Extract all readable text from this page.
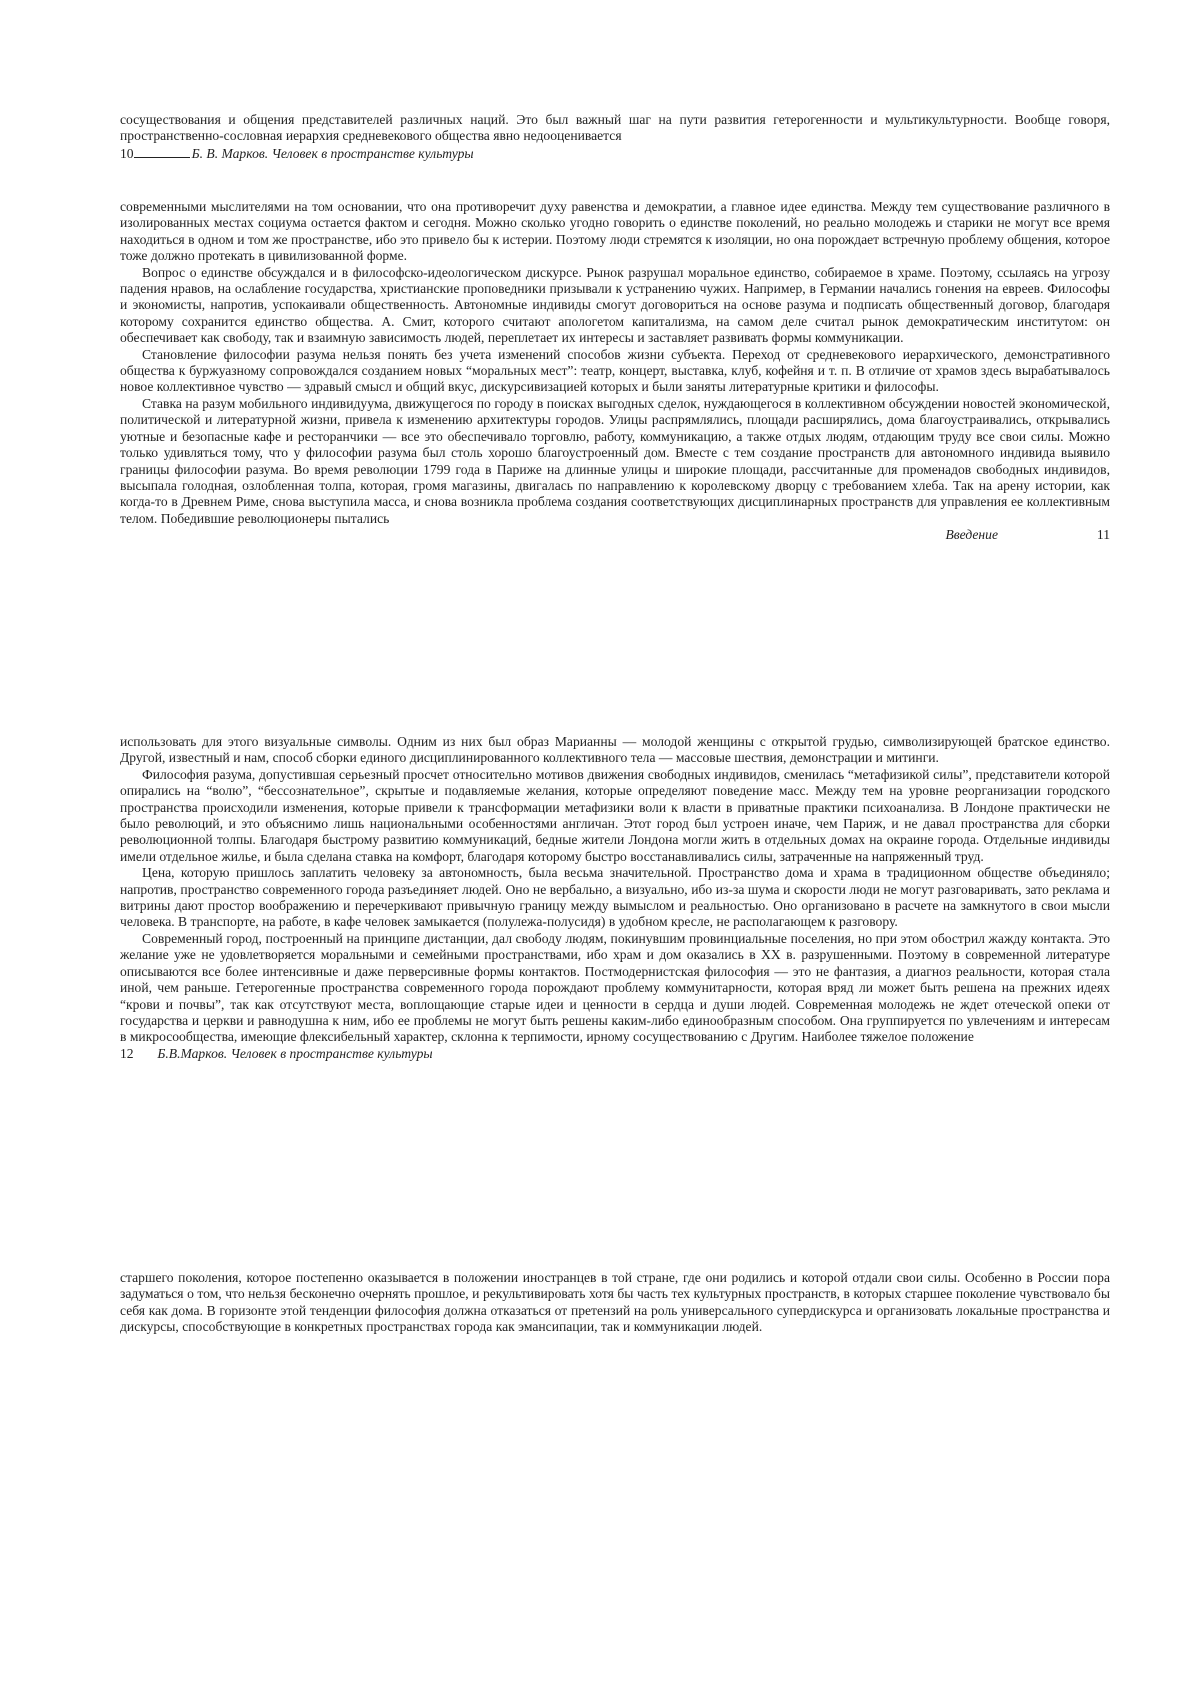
сосуществования и общения представителей различных наций. Это был важный шаг на пути развития гетерогенности и мультикультурности. Вообще говоря, пространственно-сословная иерархия средневекового общества явно недооценивается

10	Б. В. Марков. Человек в пространстве культуры

современными мыслителями на том основании, что она противоречит духу равенства и демократии, а главное идее единства. Между тем существование различного в изолированных местах социума остается фактом и сегодня. Можно сколько угодно говорить о единстве поколений, но реально молодежь и старики не могут все время находиться в одном и том же пространстве, ибо это привело бы к истерии. Поэтому люди стремятся к изоляции, но она порождает встречную проблему общения, которое тоже должно протекать в цивилизованной форме.

Вопрос о единстве обсуждался и в философско-идеологическом дискурсе. Рынок разрушал моральное единство, собираемое в храме. Поэтому, ссылаясь на угрозу падения нравов, на ослабление государства, христианские проповедники призывали к устранению чужих. Например, в Германии начались гонения на евреев. Философы и экономисты, напротив, успокаивали общественность. Автономные индивиды смогут договориться на основе разума и подписать общественный договор, благодаря которому сохранится единство общества. А. Смит, которого считают апологетом капитализма, на самом деле считал рынок демократическим институтом: он обеспечивает как свободу, так и взаимную зависимость людей, переплетает их интересы и заставляет развивать формы коммуникации.

Становление философии разума нельзя понять без учета изменений способов жизни субъекта. Переход от средневекового иерархического, демонстративного общества к буржуазному сопровождался созданием новых “моральных мест”: театр, концерт, выставка, клуб, кофейня и т. п. В отличие от храмов здесь вырабатывалось новое коллективное чувство — здравый смысл и общий вкус, дискурсивизацией которых и были заняты литературные критики и философы.

Ставка на разум мобильного индивидуума, движущегося по городу в поисках выгодных сделок, нуждающегося в коллективном обсуждении новостей экономической, политической и литературной жизни, привела к изменению архитектуры городов. Улицы распрямлялись, площади расширялись, дома благоустраивались, открывались уютные и безопасные кафе и ресторанчики — все это обеспечивало торговлю, работу, коммуникацию, а также отдых людям, отдающим труду все свои силы. Можно только удивляться тому, что у философии разума был столь хорошо благоустроенный дом. Вместе с тем создание пространств для автономного индивида выявило границы философии разума. Во время революции 1799 года в Париже на длинные улицы и широкие площади, рассчитанные для променадов свободных индивидов, высыпала голодная, озлобленная толпа, которая, громя магазины, двигалась по направлению к королевскому дворцу с требованием хлеба. Так на арену истории, как когда-то в Древнем Риме, снова выступила масса, и снова возникла проблема создания соответствующих дисциплинарных пространств для управления ее коллективным телом. Победившие революционеры пытались

Введение	11

использовать для этого визуальные символы. Одним из них был образ Марианны — молодой женщины с открытой грудью, символизирующей братское единство. Другой, известный и нам, способ сборки единого дисциплинированного коллективного тела — массовые шествия, демонстрации и митинги.

Философия разума, допустившая серьезный просчет относительно мотивов движения свободных индивидов, сменилась “метафизикой силы”, представители которой опирались на “волю”, “бессознательное”, скрытые и подавляемые желания, которые определяют поведение масс. Между тем на уровне реорганизации городского пространства происходили изменения, которые привели к трансформации метафизики воли к власти в приватные практики психоанализа. В Лондоне практически не было революций, и это объяснимо лишь национальными особенностями англичан. Этот город был устроен иначе, чем Париж, и не давал пространства для сборки революционной толпы. Благодаря быстрому развитию коммуникаций, бедные жители Лондона могли жить в отдельных домах на окраине города. Отдельные индивиды имели отдельное жилье, и была сделана ставка на комфорт, благодаря которому быстро восстанавливались силы, затраченные на напряженный труд.

Цена, которую пришлось заплатить человеку за автономность, была весьма значительной. Пространство дома и храма в традиционном обществе объединяло; напротив, пространство современного города разъединяет людей. Оно не вербально, а визуально, ибо из-за шума и скорости люди не могут разговаривать, зато реклама и витрины дают простор воображению и перечеркивают привычную границу между вымыслом и реальностью. Оно организовано в расчете на замкнутого в свои мысли человека. В транспорте, на работе, в кафе человек замыкается (полулежа-полусидя) в удобном кресле, не располагающем к разговору.

Современный город, построенный на принципе дистанции, дал свободу людям, покинувшим провинциальные поселения, но при этом обострил жажду контакта. Это желание уже не удовлетворяется моральными и семейными пространствами, ибо храм и дом оказались в XX в. разрушенными. Поэтому в современной литературе описываются все более интенсивные и даже перверсивные формы контактов. Постмодернистская философия — это не фантазия, а диагноз реальности, которая стала иной, чем раньше. Гетерогенные пространства современного города порождают проблему коммунитарности, которая вряд ли может быть решена на прежних идеях “крови и почвы”, так как отсутствуют места, воплощающие старые идеи и ценности в сердца и души людей. Современная молодежь не ждет отеческой опеки от государства и церкви и равнодушна к ним, ибо ее проблемы не могут быть решены каким-либо единообразным способом. Она группируется по увлечениям и интересам в микросообщества, имеющие флексибельный характер, склонна к терпимости, ирному сосуществованию с Другим. Наиболее тяжелое положение

12 Б.В.Марков. Человек в пространстве культуры

старшего поколения, которое постепенно оказывается в положении иностранцев в той стране, где они родились и которой отдали свои силы. Особенно в России пора задуматься о том, что нельзя бесконечно очернять прошлое, и рекультивировать хотя бы часть тех культурных пространств, в которых старшее поколение чувствовало бы себя как дома. В горизонте этой тенденции философия должна отказаться от претензий на роль универсального супердискурса и организовать локальные пространства и дискурсы, способствующие в конкретных пространствах города как эмансипации, так и коммуникации людей.
